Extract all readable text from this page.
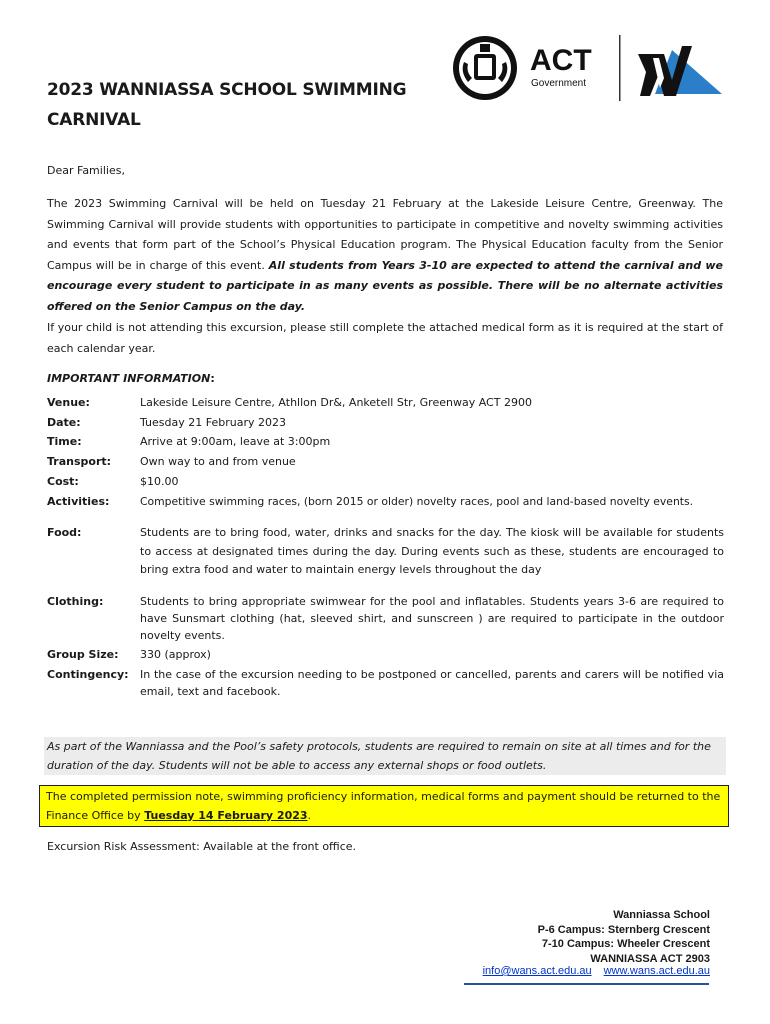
2023 WANNIASSA SCHOOL SWIMMING CARNIVAL
ACT
Government
Dear Families,
The 2023 Swimming Carnival will be held on Tuesday 21 February at the Lakeside Leisure Centre, Greenway. The Swimming Carnival will provide students with opportunities to participate in competitive and novelty swimming activities and events that form part of the School’s Physical Education program. The Physical Education faculty from the Senior Campus will be in charge of this event. All students from Years 3-10 are expected to attend the carnival and we encourage every student to participate in as many events as possible. There will be no alternate activities offered on the Senior Campus on the day.
If your child is not attending this excursion, please still complete the attached medical form as it is required at the start of each calendar year.
IMPORTANT INFORMATION:
Venue:	Lakeside Leisure Centre, Athllon Dr&, Anketell Str, Greenway ACT 2900
Date:	Tuesday 21 February 2023
Time:	Arrive at 9:00am, leave at 3:00pm
Transport:	Own way to and from venue
Cost:	$10.00
Activities:	Competitive swimming races, (born 2015 or older) novelty races, pool and land-based novelty events.
Food:	Students are to bring food, water, drinks and snacks for the day. The kiosk will be available for students to access at designated times during the day. During events such as these, students are encouraged to bring extra food and water to maintain energy levels throughout the day
Clothing:	Students to bring appropriate swimwear for the pool and inflatables. Students years 3-6 are required to have Sunsmart clothing (hat, sleeved shirt, and sunscreen ) are required to participate in the outdoor novelty events.
Group Size:	330 (approx)
Contingency:	In the case of the excursion needing to be postponed or cancelled, parents and carers will be notified via email, text and facebook.
As part of the Wanniassa and the Pool’s safety protocols, students are required to remain on site at all times and for the duration of the day. Students will not be able to access any external shops or food outlets.
The completed permission note, swimming proficiency information, medical forms and payment should be returned to the Finance Office by Tuesday 14 February 2023.
Excursion Risk Assessment: Available at the front office.
Wanniassa School
P-6 Campus: Sternberg Crescent
7-10 Campus: Wheeler Crescent
WANNIASSA ACT 2903
info@wans.act.edu.au www.wans.act.edu.au
